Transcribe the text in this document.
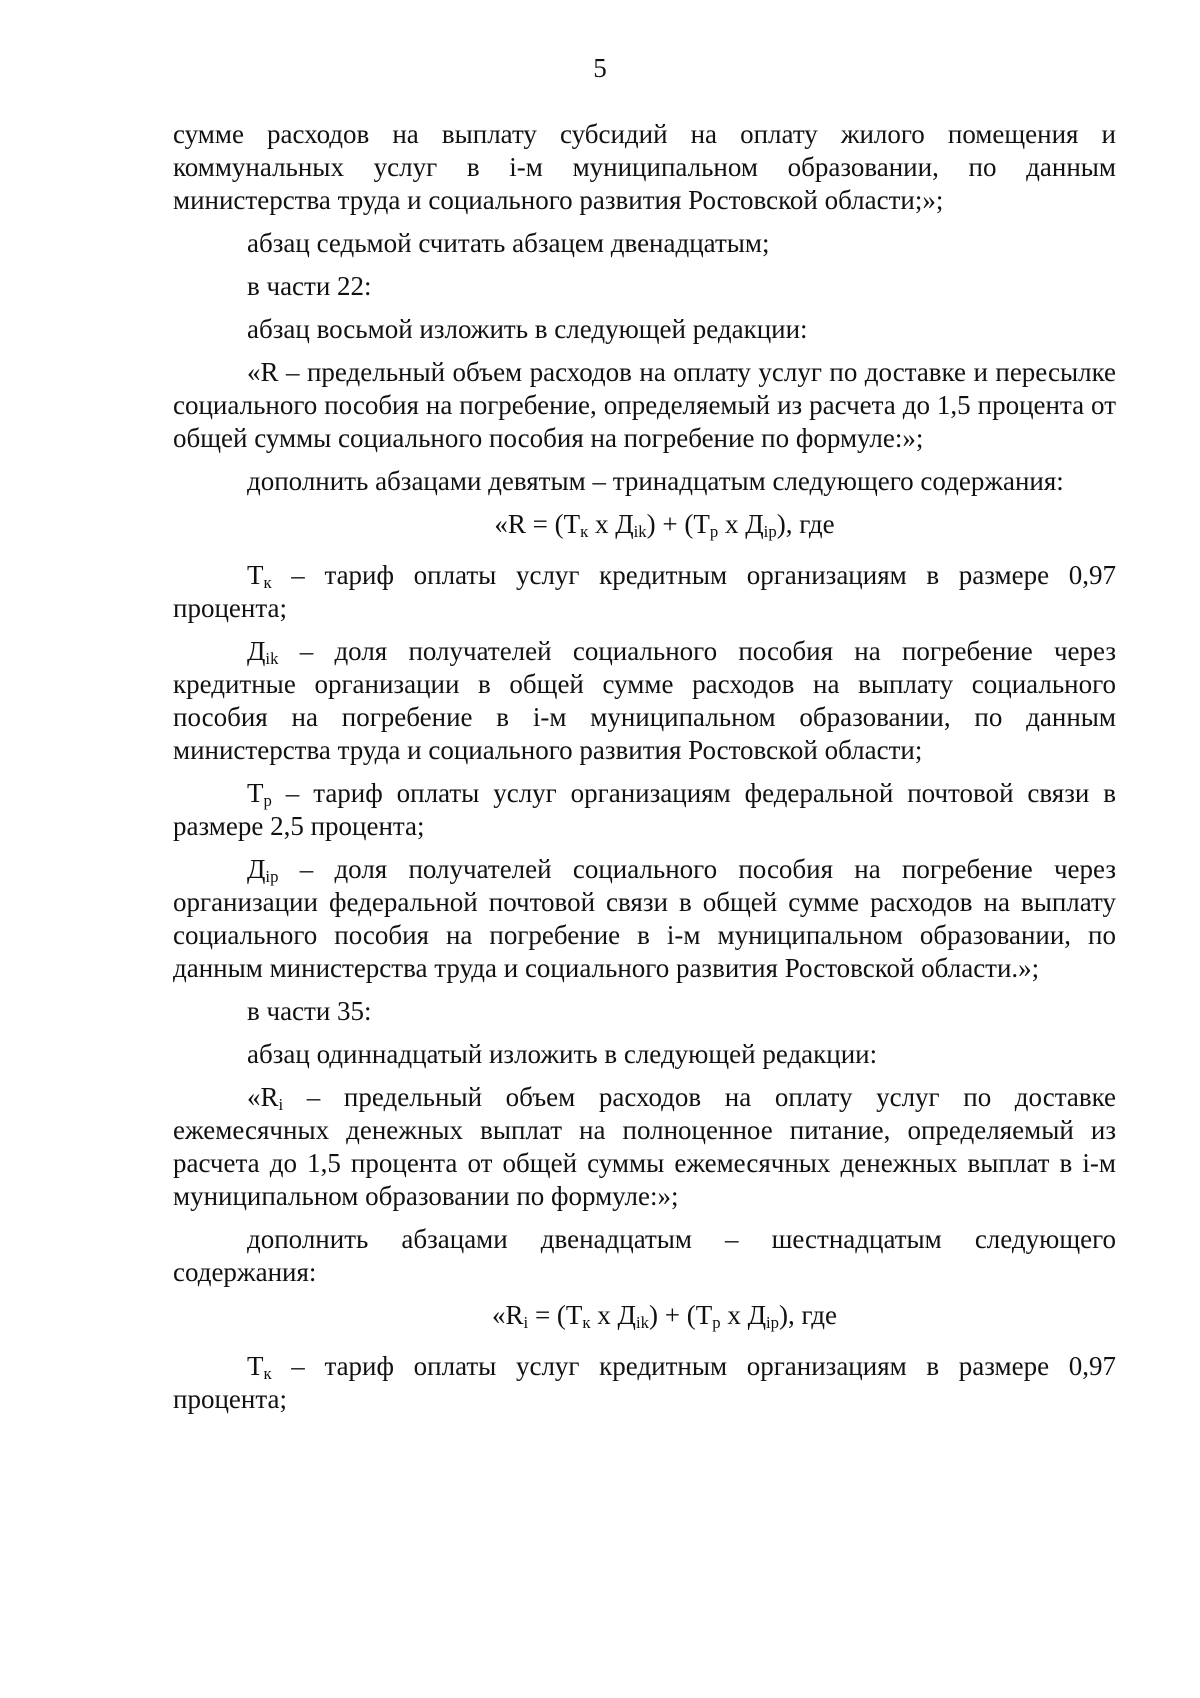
5

сумме расходов на выплату субсидий на оплату жилого помещения и коммунальных услуг в i-м муниципальном образовании, по данным министерства труда и социального развития Ростовской области;»;

абзац седьмой считать абзацем двенадцатым;

в части 22:

абзац восьмой изложить в следующей редакции:

«R – предельный объем расходов на оплату услуг по доставке и пересылке социального пособия на погребение, определяемый из расчета до 1,5 процента от общей суммы социального пособия на погребение по формуле:»;

дополнить абзацами девятым – тринадцатым следующего содержания:

«$R = (Т_к$ х $Д_{ik}) + (Т_р$ х $Д_{ip}$), где

$Т_к$ – тариф оплаты услуг кредитным организациям в размере 0,97 процента;

$Д_{ik}$ – доля получателей социального пособия на погребение через кредитные организации в общей сумме расходов на выплату социального пособия на погребение в i-м муниципальном образовании, по данным министерства труда и социального развития Ростовской области;

$Т_р$ – тариф оплаты услуг организациям федеральной почтовой связи в размере 2,5 процента;

$Д_{ip}$ – доля получателей социального пособия на погребение через организации федеральной почтовой связи в общей сумме расходов на выплату социального пособия на погребение в i-м муниципальном образовании, по данным министерства труда и социального развития Ростовской области.»;

в части 35:

абзац одиннадцатый изложить в следующей редакции:

«$R_i$ – предельный объем расходов на оплату услуг по доставке ежемесячных денежных выплат на полноценное питание, определяемый из расчета до 1,5 процента от общей суммы ежемесячных денежных выплат в i-м муниципальном образовании по формуле:»;

дополнить абзацами двенадцатым – шестнадцатым следующего содержания:

«$R_i = (Т_к$ х $Д_{ik}) + (Т_р$ х $Д_{ip}$), где

$Т_к$ – тариф оплаты услуг кредитным организациям в размере 0,97 процента;
